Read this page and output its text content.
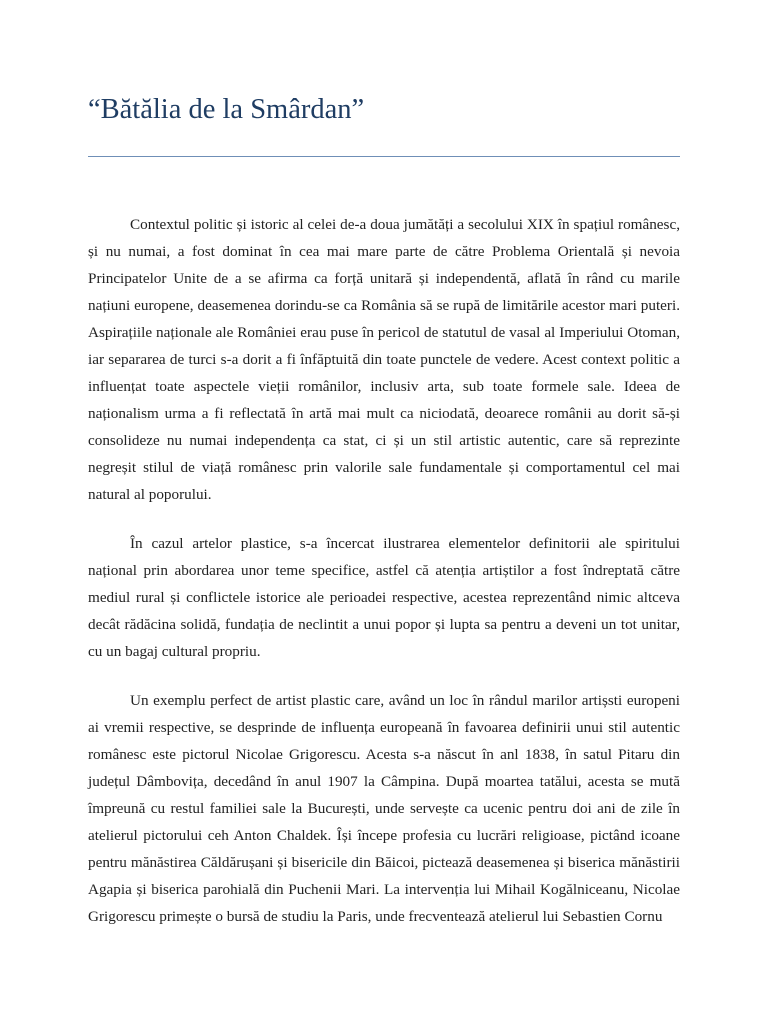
“Bătălia de la Smârdan”

Contextul politic și istoric al celei de-a doua jumătăți a secolului XIX în spațiul românesc, și nu numai, a fost dominat în cea mai mare parte de către Problema Orientală și nevoia Principatelor Unite de a se afirma ca forță unitară și independentă, aflată în rând cu marile națiuni europene, deasemenea dorindu-se ca România să se rupă de limitările acestor mari puteri. Aspirațiile naționale ale României erau puse în pericol de statutul de vasal al Imperiului Otoman, iar separarea de turci s-a dorit a fi înfăptuită din toate punctele de vedere. Acest context politic a influențat toate aspectele vieții românilor, inclusiv arta, sub toate formele sale. Ideea de naționalism urma a fi reflectată în artă mai mult ca niciodată, deoarece românii au dorit să-și consolideze nu numai independența ca stat, ci și un stil artistic autentic, care să reprezinte negreșit stilul de viață românesc prin valorile sale fundamentale și comportamentul cel mai natural al poporului.

În cazul artelor plastice, s-a încercat ilustrarea elementelor definitorii ale spiritului național prin abordarea unor teme specifice, astfel că atenția artiștilor a fost îndreptată către mediul rural și conflictele istorice ale perioadei respective, acestea reprezentând nimic altceva decât rădăcina solidă, fundația de neclintit a unui popor și lupta sa pentru a deveni un tot unitar, cu un bagaj cultural propriu.

Un exemplu perfect de artist plastic care, având un loc în rândul marilor artișsti europeni ai vremii respective, se desprinde de influența europeană în favoarea definirii unui stil autentic românesc este pictorul Nicolae Grigorescu. Acesta s-a născut în anl 1838, în satul Pitaru din județul Dâmbovița, decedând în anul 1907 la Câmpina. După moartea tatălui, acesta se mută împreună cu restul familiei sale la București, unde servește ca ucenic pentru doi ani de zile în atelierul pictorului ceh Anton Chaldek. Își începe profesia cu lucrări religioase, pictând icoane pentru mănăstirea Căldărușani și bisericile din Băicoi, pictează deasemenea și biserica mănăstirii Agapia și biserica parohială din Puchenii Mari. La intervenția lui Mihail Kogălniceanu, Nicolae Grigorescu primește o bursă de studiu la Paris, unde frecventează atelierul lui Sebastien Cornu
